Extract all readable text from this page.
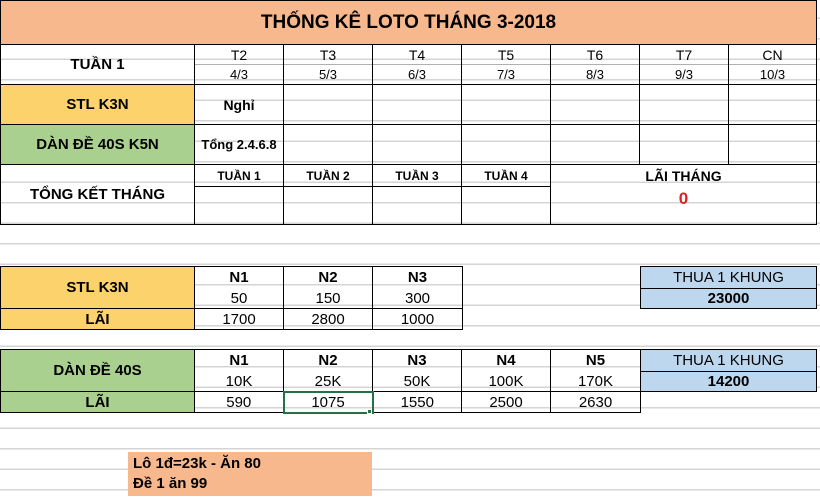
THỐNG KÊ LOTO THÁNG 3-2018							
TUẦN 1	T2	T3	T4	T5	T6	T7	CN
	4/3	5/3	6/3	7/3	8/3	9/3	10/3
STL K3N	Nghỉ						
DÀN ĐỀ 40S K5N	Tổng 2.4.6.8						
TỔNG KẾT THÁNG	TUẦN 1	TUẦN 2	TUẦN 3	TUẦN 4	LÃI THÁNG		
					0		
STL K3N	N1	N2	N3
	50	150	300
LÃI	1700	2800	1000
THUA 1 KHUNG
23000
DÀN ĐỀ 40S	N1	N2	N3	N4	N5
	10K	25K	50K	100K	170K
LÃI	590	1075	1550	2500	2630
THUA 1 KHUNG
14200
Lô 1đ=23k - Ăn 80
Đề 1 ăn 99
